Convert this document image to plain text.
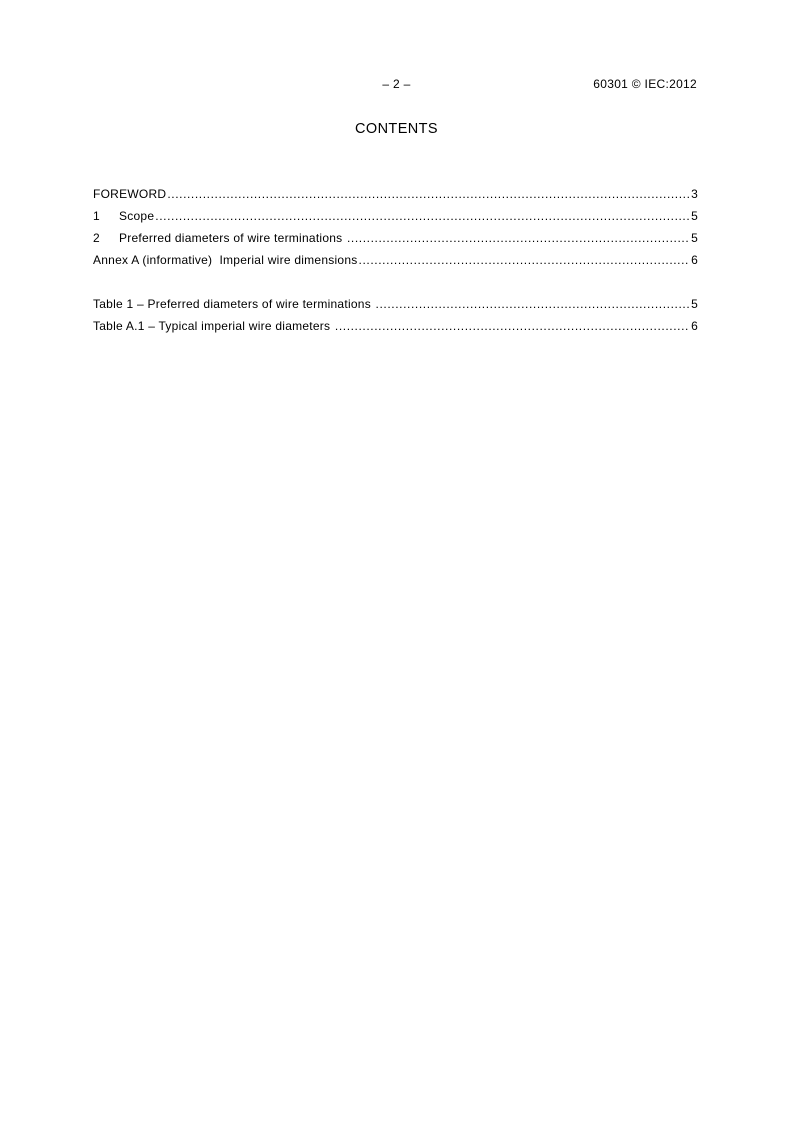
– 2 –	60301 © IEC:2012
CONTENTS
FOREWORD .....	3
1	Scope .....	5
2	Preferred diameters of wire terminations .....	5
Annex A (informative)  Imperial wire dimensions .....	6
Table 1 – Preferred diameters of wire terminations .....	5
Table A.1 – Typical imperial wire diameters .....	6
